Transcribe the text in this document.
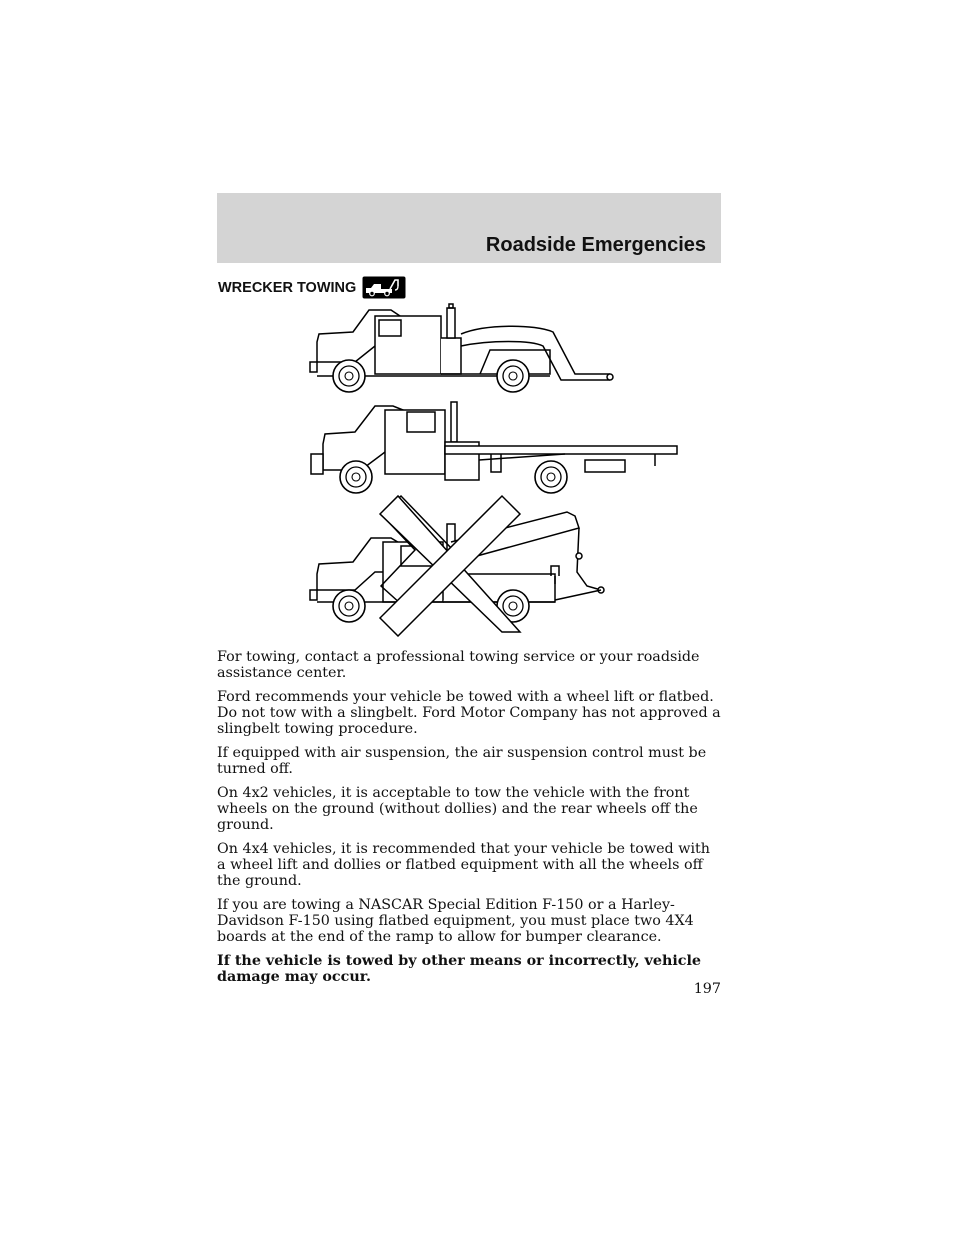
Roadside Emergencies
WRECKER TOWING

For towing, contact a professional towing service or your roadside assistance center.

Ford recommends your vehicle be towed with a wheel lift or flatbed. Do not tow with a slingbelt. Ford Motor Company has not approved a slingbelt towing procedure.

If equipped with air suspension, the air suspension control must be turned off.

On 4x2 vehicles, it is acceptable to tow the vehicle with the front wheels on the ground (without dollies) and the rear wheels off the ground.

On 4x4 vehicles, it is recommended that your vehicle be towed with a wheel lift and dollies or flatbed equipment with all the wheels off the ground.

If you are towing a NASCAR Special Edition F-150 or a Harley-Davidson F-150 using flatbed equipment, you must place two 4X4 boards at the end of the ramp to allow for bumper clearance.

If the vehicle is towed by other means or incorrectly, vehicle damage may occur.

197
